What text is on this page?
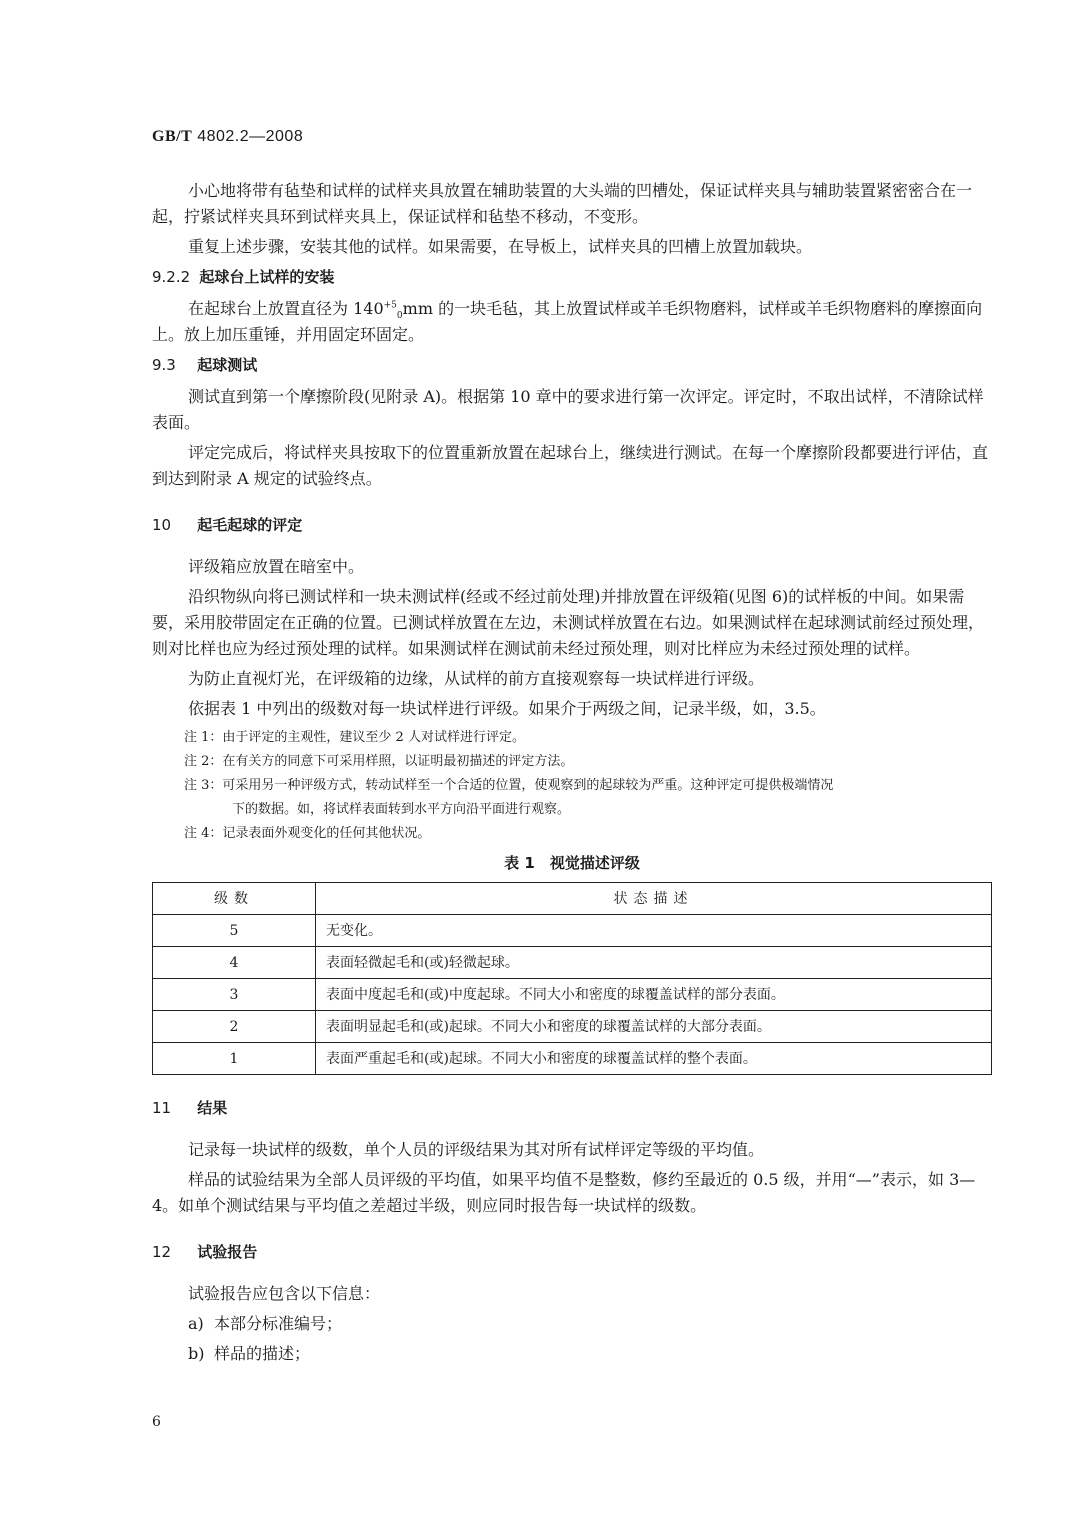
GB/T 4802.2—2008

小心地将带有毡垫和试样的试样夹具放置在辅助装置的大头端的凹槽处，保证试样夹具与辅助装置紧密密合在一起，拧紧试样夹具环到试样夹具上，保证试样和毡垫不移动，不变形。

重复上述步骤，安装其他的试样。如果需要，在导板上，试样夹具的凹槽上放置加载块。

9.2.2 起球台上试样的安装

在起球台上放置直径为 $140^{+5}_0mm$ 的一块毛毡，其上放置试样或羊毛织物磨料，试样或羊毛织物磨料的摩擦面向上。放上加压重锤，并用固定环固定。

9.3 起球测试

测试直到第一个摩擦阶段(见附录 A)。根据第 10 章中的要求进行第一次评定。评定时，不取出试样，不清除试样表面。

评定完成后，将试样夹具按取下的位置重新放置在起球台上，继续进行测试。在每一个摩擦阶段都要进行评估，直到达到附录 A 规定的试验终点。

10 起毛起球的评定

评级箱应放置在暗室中。

沿织物纵向将已测试样和一块未测试样(经或不经过前处理)并排放置在评级箱(见图 6)的试样板的中间。如果需要，采用胶带固定在正确的位置。已测试样放置在左边，未测试样放置在右边。如果测试样在起球测试前经过预处理，则对比样也应为经过预处理的试样。如果测试样在测试前未经过预处理，则对比样应为未经过预处理的试样。

为防止直视灯光，在评级箱的边缘，从试样的前方直接观察每一块试样进行评级。

依据表 1 中列出的级数对每一块试样进行评级。如果介于两级之间，记录半级，如，3.5。

注 1：由于评定的主观性，建议至少 2 人对试样进行评定。

注 2：在有关方的同意下可采用样照，以证明最初描述的评定方法。

注 3：可采用另一种评级方式，转动试样至一个合适的位置，使观察到的起球较为严重。这种评定可提供极端情况

下的数据。如，将试样表面转到水平方向沿平面进行观察。

注 4：记录表面外观变化的任何其他状况。

表 1　视觉描述评级
级数	状态描述
5	无变化。
4	表面轻微起毛和(或)轻微起球。
3	表面中度起毛和(或)中度起球。不同大小和密度的球覆盖试样的部分表面。
2	表面明显起毛和(或)起球。不同大小和密度的球覆盖试样的大部分表面。
1	表面严重起毛和(或)起球。不同大小和密度的球覆盖试样的整个表面。
11 结果

记录每一块试样的级数，单个人员的评级结果为其对所有试样评定等级的平均值。

样品的试验结果为全部人员评级的平均值，如果平均值不是整数，修约至最近的 0.5 级，并用“—”表示，如 3—4。如单个测试结果与平均值之差超过半级，则应同时报告每一块试样的级数。

12 试验报告

试验报告应包含以下信息：

a) 本部分标准编号；

b) 样品的描述；

6
